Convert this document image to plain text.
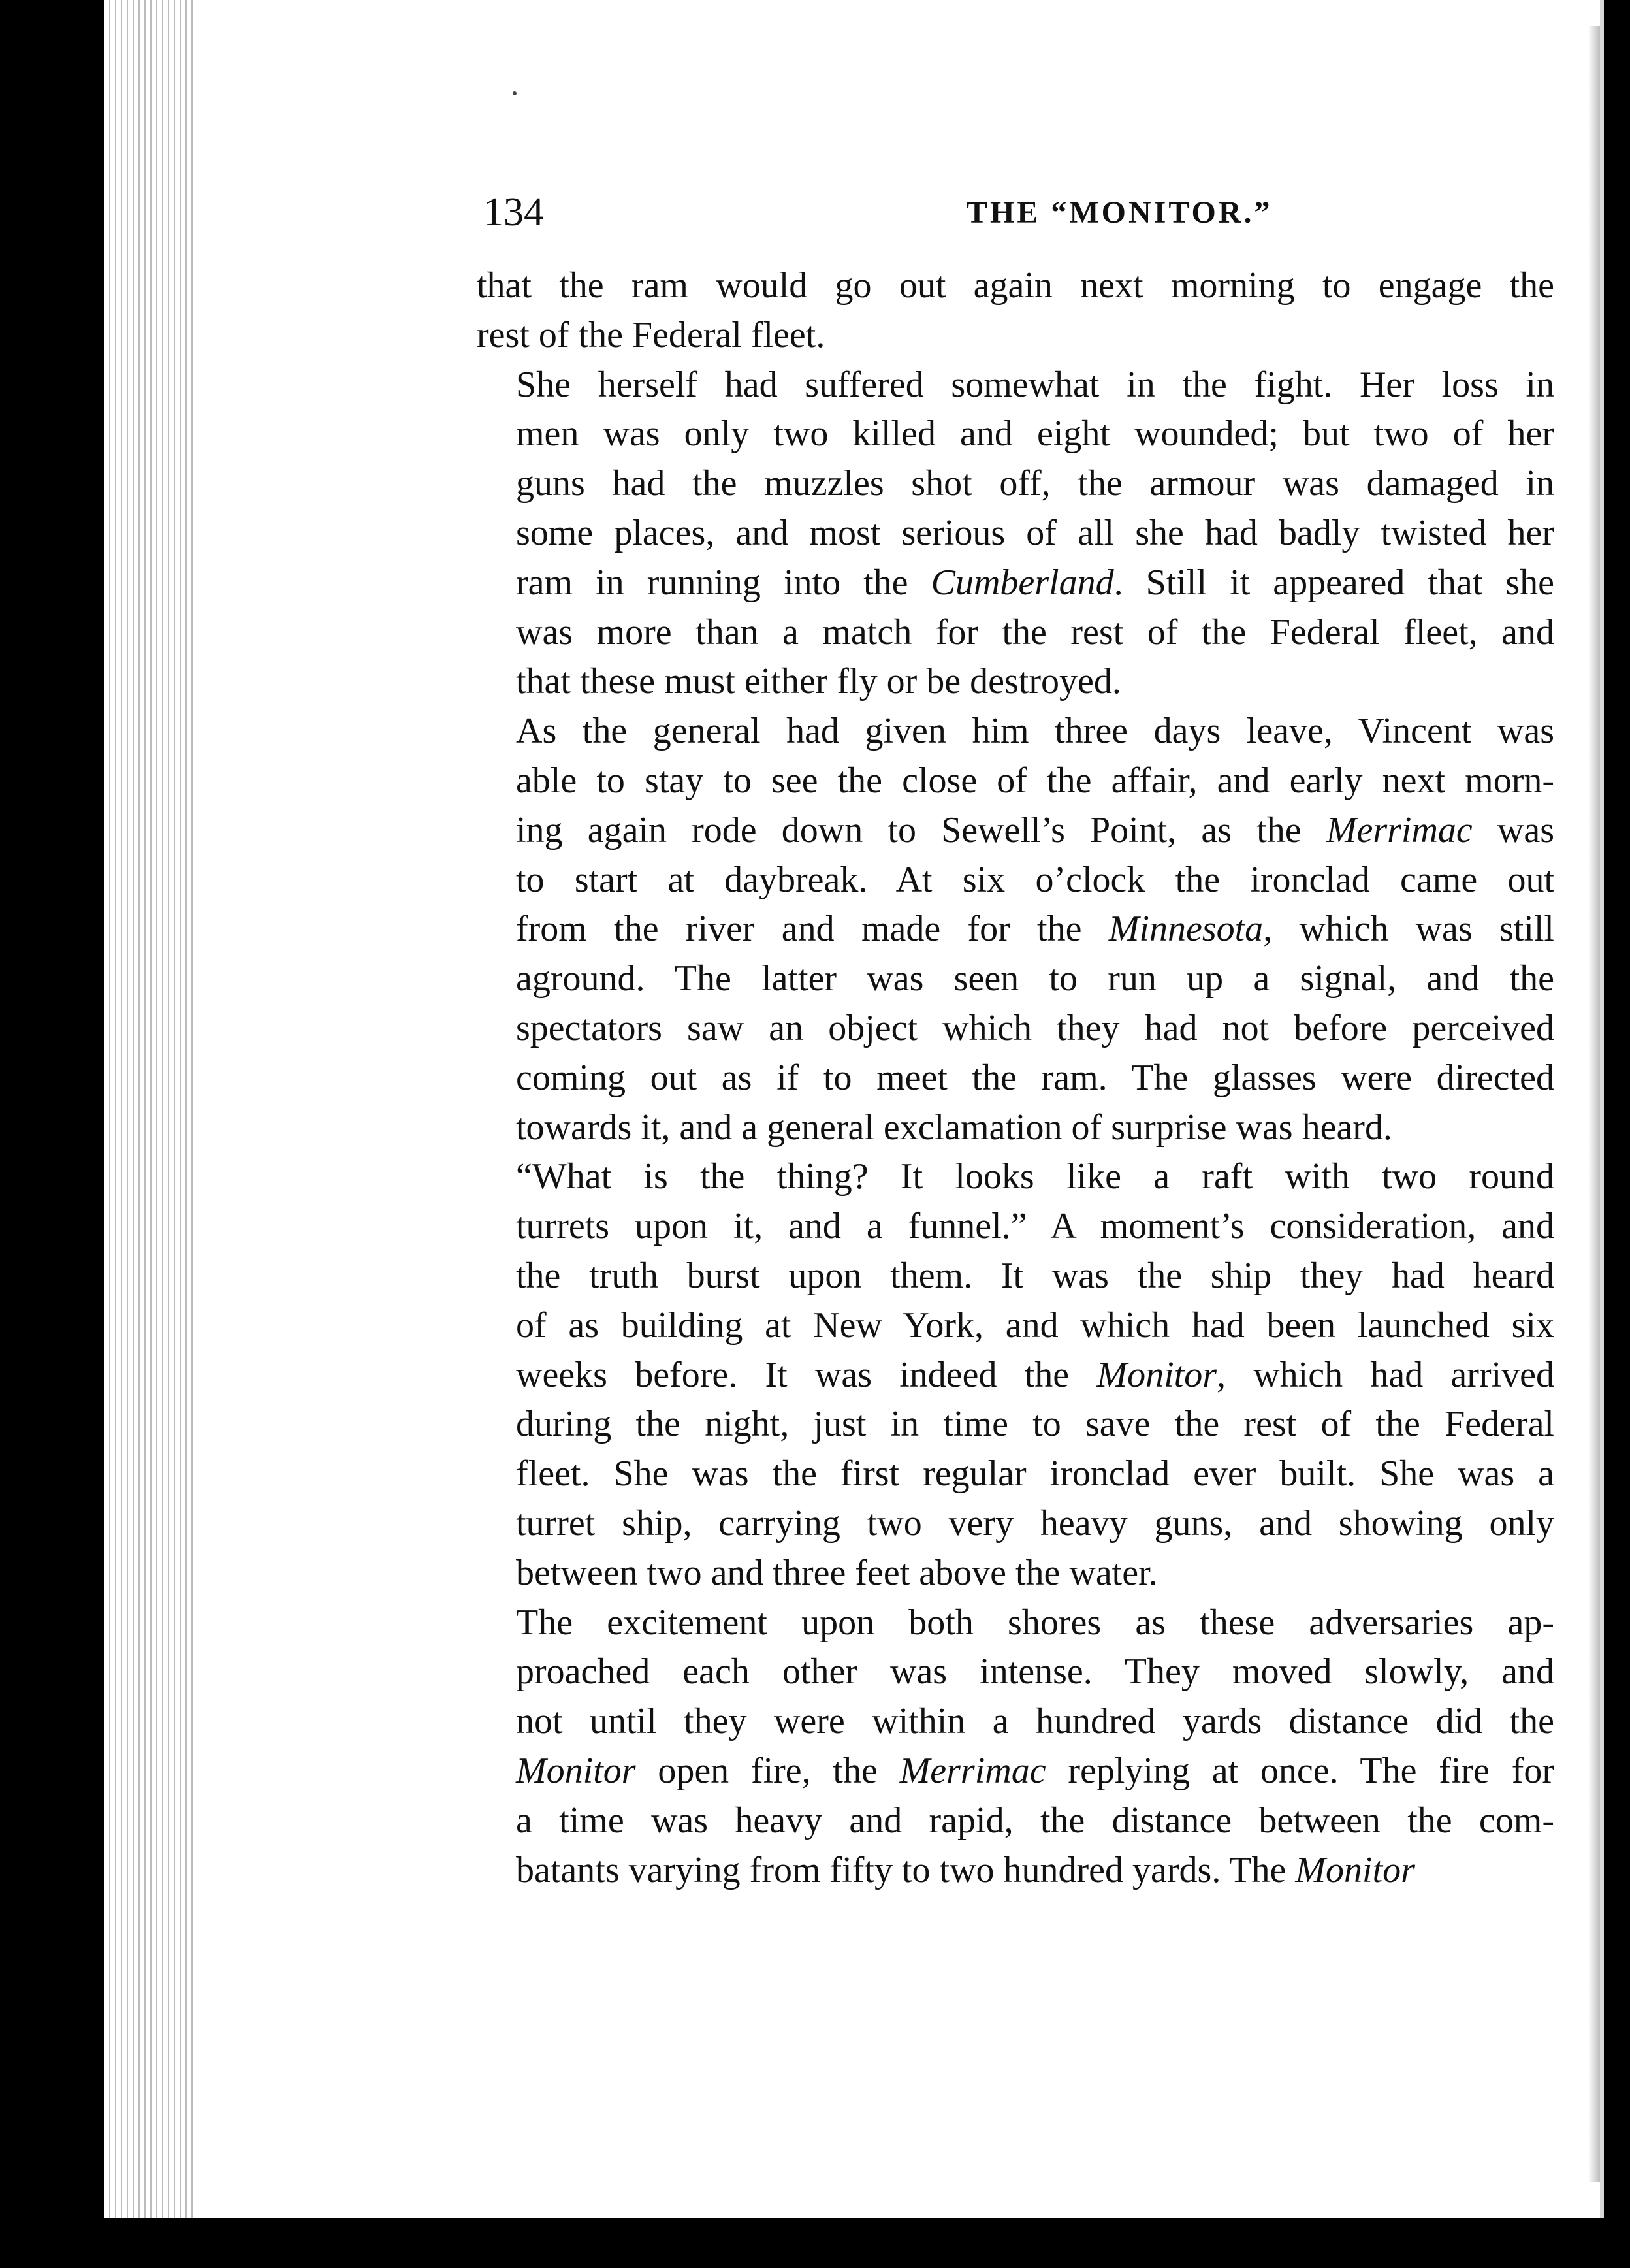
134	THE “MONITOR.”

that the ram would go out again next morning to engage the
rest of the Federal fleet.

She herself had suffered somewhat in the fight. Her loss in
men was only two killed and eight wounded; but two of her
guns had the muzzles shot off, the armour was damaged in
some places, and most serious of all she had badly twisted her
ram in running into the Cumberland. Still it appeared that she
was more than a match for the rest of the Federal fleet, and
that these must either fly or be destroyed.

As the general had given him three days leave, Vincent was
able to stay to see the close of the affair, and early next morn-
ing again rode down to Sewell’s Point, as the Merrimac was
to start at daybreak. At six o’clock the ironclad came out
from the river and made for the Minnesota, which was still
aground. The latter was seen to run up a signal, and the
spectators saw an object which they had not before perceived
coming out as if to meet the ram. The glasses were directed
towards it, and a general exclamation of surprise was heard.

“What is the thing? It looks like a raft with two round
turrets upon it, and a funnel.” A moment’s consideration, and
the truth burst upon them. It was the ship they had heard
of as building at New York, and which had been launched six
weeks before. It was indeed the Monitor, which had arrived
during the night, just in time to save the rest of the Federal
fleet. She was the first regular ironclad ever built. She was a
turret ship, carrying two very heavy guns, and showing only
between two and three feet above the water.

The excitement upon both shores as these adversaries ap-
proached each other was intense. They moved slowly, and
not until they were within a hundred yards distance did the
Monitor open fire, the Merrimac replying at once. The fire for
a time was heavy and rapid, the distance between the com-
batants varying from fifty to two hundred yards. The Monitor
